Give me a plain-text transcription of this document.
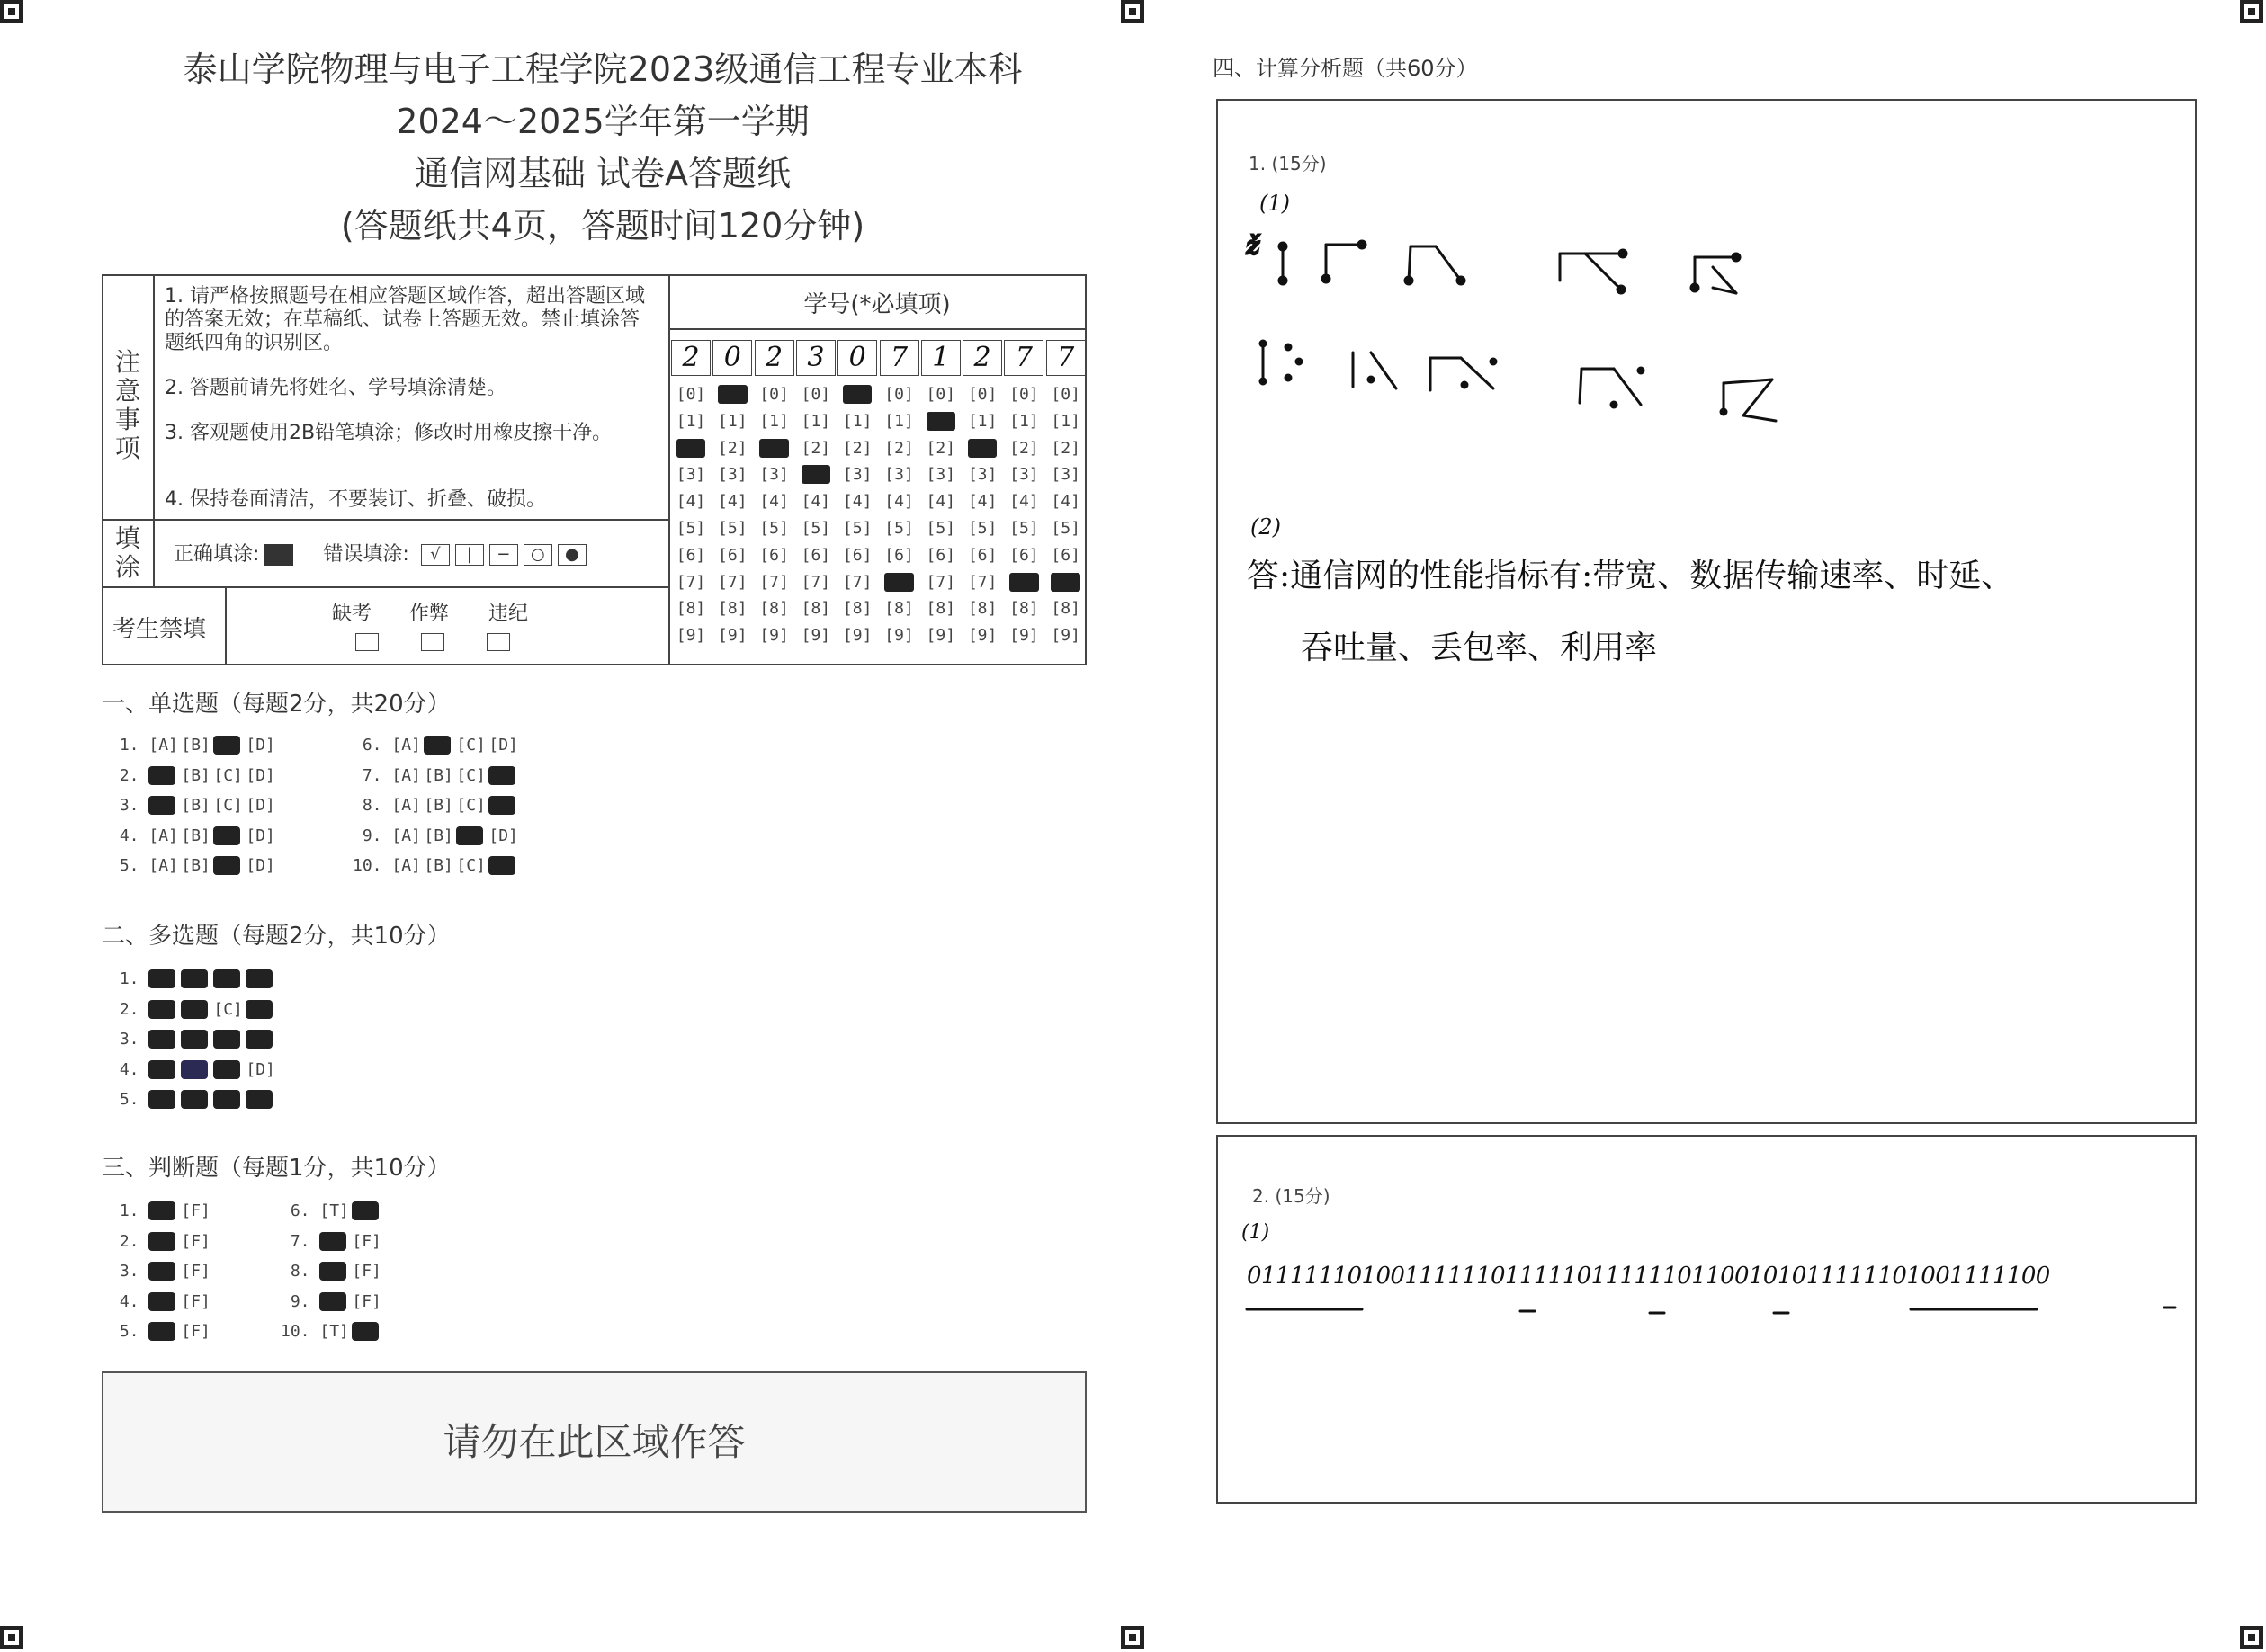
泰山学院物理与电子工程学院2023级通信工程专业本科
2024～2025学年第一学期
通信网基础 试卷A答题纸
(答题纸共4页，答题时间120分钟)
注
意
事
项
1. 请严格按照题号在相应答题区域作答，超出答题区域的答案无效；在草稿纸、试卷上答题无效。禁止填涂答题纸四角的识别区。
2. 答题前请先将姓名、学号填涂清楚。
3. 客观题使用2B铅笔填涂；修改时用橡皮擦干净。
4. 保持卷面清洁，不要装订、折叠、破损。
填
涂 正确填涂:	错误填涂: √ | − ○ ●
考生禁填
缺考 作弊 违纪
学号(*必填项)
2 0 2 3 0 7 1 2 7 7
[0]
[1]
[2]
[3]
[4]
[5]
[6]
[7]
[8]
[9]
[0]
[1]
[2]
[3]
[4]
[5]
[6]
[7]
[8]
[9]
[0]
[1]
[2]
[3]
[4]
[5]
[6]
[7]
[8]
[9]
[0]
[1]
[2]
[3]
[4]
[5]
[6]
[7]
[8]
[9]
[0]
[1]
[2]
[3]
[4]
[5]
[6]
[7]
[8]
[9]
[0]
[1]
[2]
[3]
[4]
[5]
[6]
[7]
[8]
[9]
[0]
[1]
[2]
[3]
[4]
[5]
[6]
[7]
[8]
[9]
[0]
[1]
[2]
[3]
[4]
[5]
[6]
[7]
[8]
[9]
[0]
[1]
[2]
[3]
[4]
[5]
[6]
[7]
[8]
[9]
[0]
[1]
[2]
[3]
[4]
[5]
[6]
[7]
[8]
[9]
一、单选题（每题2分，共20分）
1. [A] [B] [C] [D]
2. [A] [B] [C] [D]
3. [A] [B] [C] [D]
4. [A] [B] [C] [D]
5. [A] [B] [C] [D]
6. [A] [B] [C] [D]
7. [A] [B] [C] [D]
8. [A] [B] [C] [D]
9. [A] [B] [C] [D]
10. [A] [B] [C] [D]
二、多选题（每题2分，共10分）
1. [A] [B] [C] [D]
2. [A] [B] [C] [D]
3. [A] [B] [C] [D]
4. [A] [B] [C] [D]
5. [A] [B] [C] [D]
三、判断题（每题1分，共10分）
1. [T] [F]
2. [T] [F]
3. [T] [F]
4. [T] [F]
5. [T] [F]
6. [T] [F]
7. [T] [F]
8. [T] [F]
9. [T] [F]
10. [T] [F]
请勿在此区域作答
四、计算分析题（共60分）
1. (15分)
(1)
ž
(2)
答:通信网的性能指标有:带宽、数据传输速率、时延、
吞吐量、丢包率、利用率
2. (15分)
(1)
01111110100111111011111011111101100101011111101001111100
